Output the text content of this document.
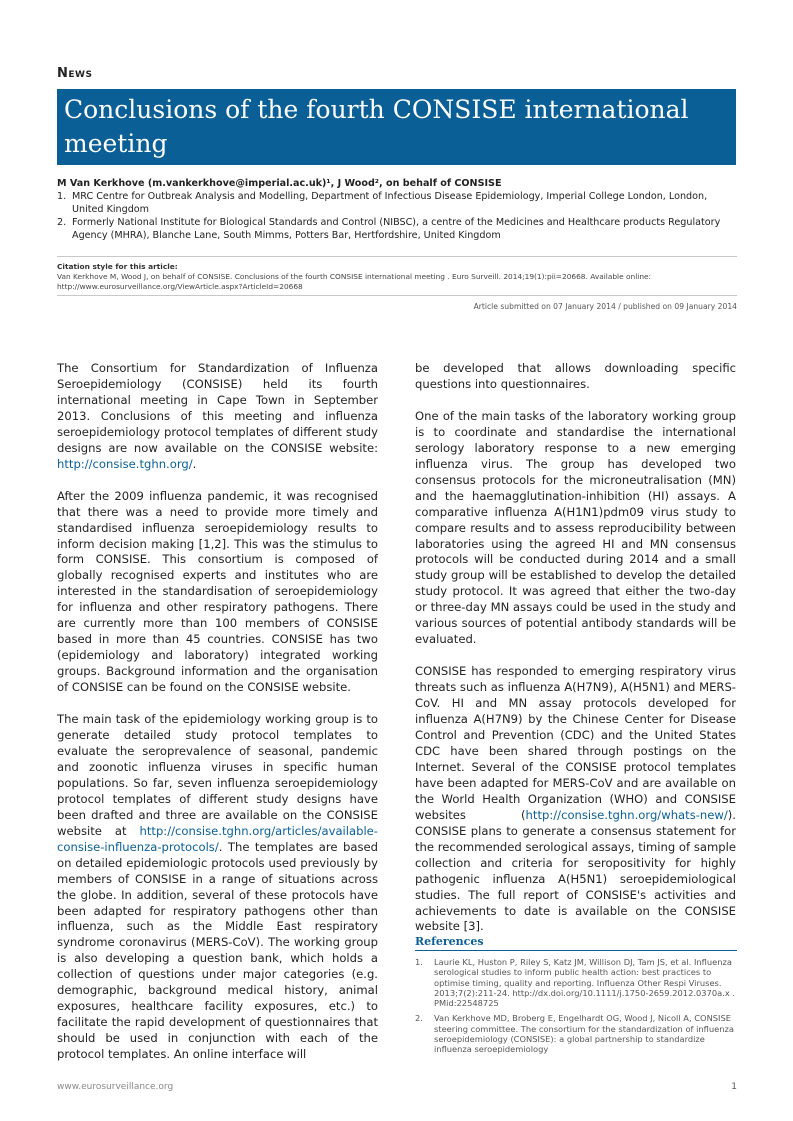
News
Conclusions of the fourth CONSISE international meeting
M Van Kerkhove (m.vankerkhove@imperial.ac.uk)¹, J Wood², on behalf of CONSISE
1. MRC Centre for Outbreak Analysis and Modelling, Department of Infectious Disease Epidemiology, Imperial College London, London, United Kingdom
2. Formerly National Institute for Biological Standards and Control (NIBSC), a centre of the Medicines and Healthcare products Regulatory Agency (MHRA), Blanche Lane, South Mimms, Potters Bar, Hertfordshire, United Kingdom
Citation style for this article:
Van Kerkhove M, Wood J, on behalf of CONSISE. Conclusions of the fourth CONSISE international meeting . Euro Surveill. 2014;19(1):pii=20668. Available online: http://www.eurosurveillance.org/ViewArticle.aspx?ArticleId=20668
Article submitted on 07 January 2014 / published on 09 January 2014

The Consortium for Standardization of Influenza Seroepidemiology (CONSISE) held its fourth international meeting in Cape Town in September 2013. Conclusions of this meeting and influenza seroepidemiology protocol templates of different study designs are now available on the CONSISE website: http://consise.tghn.org/.

After the 2009 influenza pandemic, it was recognised that there was a need to provide more timely and standardised influenza seroepidemiology results to inform decision making [1,2]. This was the stimulus to form CONSISE. This consortium is composed of globally recognised experts and institutes who are interested in the standardisation of seroepidemiology for influenza and other respiratory pathogens. There are currently more than 100 members of CONSISE based in more than 45 countries. CONSISE has two (epidemiology and laboratory) integrated working groups. Background information and the organisation of CONSISE can be found on the CONSISE website.

The main task of the epidemiology working group is to generate detailed study protocol templates to evaluate the seroprevalence of seasonal, pandemic and zoonotic influenza viruses in specific human populations. So far, seven influenza seroepidemiology protocol templates of different study designs have been drafted and three are available on the CONSISE website at http://consise.tghn.org/articles/available-consise-influenza-protocols/. The templates are based on detailed epidemiologic protocols used previously by members of CONSISE in a range of situations across the globe. In addition, several of these protocols have been adapted for respiratory pathogens other than influenza, such as the Middle East respiratory syndrome coronavirus (MERS-CoV). The working group is also developing a question bank, which holds a collection of questions under major categories (e.g. demographic, background medical history, animal exposures, healthcare facility exposures, etc.) to facilitate the rapid development of questionnaires that should be used in conjunction with each of the protocol templates. An online interface will

be developed that allows downloading specific questions into questionnaires.

One of the main tasks of the laboratory working group is to coordinate and standardise the international serology laboratory response to a new emerging influenza virus. The group has developed two consensus protocols for the microneutralisation (MN) and the haemagglutination-inhibition (HI) assays. A comparative influenza A(H1N1)pdm09 virus study to compare results and to assess reproducibility between laboratories using the agreed HI and MN consensus protocols will be conducted during 2014 and a small study group will be established to develop the detailed study protocol. It was agreed that either the two-day or three-day MN assays could be used in the study and various sources of potential antibody standards will be evaluated.

CONSISE has responded to emerging respiratory virus threats such as influenza A(H7N9), A(H5N1) and MERS-CoV. HI and MN assay protocols developed for influenza A(H7N9) by the Chinese Center for Disease Control and Prevention (CDC) and the United States CDC have been shared through postings on the Internet. Several of the CONSISE protocol templates have been adapted for MERS-CoV and are available on the World Health Organization (WHO) and CONSISE websites (http://consise.tghn.org/whats-new/). CONSISE plans to generate a consensus statement for the recommended serological assays, timing of sample collection and criteria for seropositivity for highly pathogenic influenza A(H5N1) seroepidemiological studies. The full report of CONSISE's activities and achievements to date is available on the CONSISE website [3].

References
1.	Laurie KL, Huston P, Riley S, Katz JM, Willison DJ, Tam JS, et al. Influenza serological studies to inform public health action: best practices to optimise timing, quality and reporting. Influenza Other Respi Viruses. 2013;7(2):211-24. http://dx.doi.org/10.1111/j.1750-2659.2012.0370a.x . PMid:22548725
2.	Van Kerkhove MD, Broberg E, Engelhardt OG, Wood J, Nicoll A, CONSISE steering committee. The consortium for the standardization of influenza seroepidemiology (CONSISE): a global partnership to standardize influenza seroepidemiology
www.eurosurveillance.org	1
